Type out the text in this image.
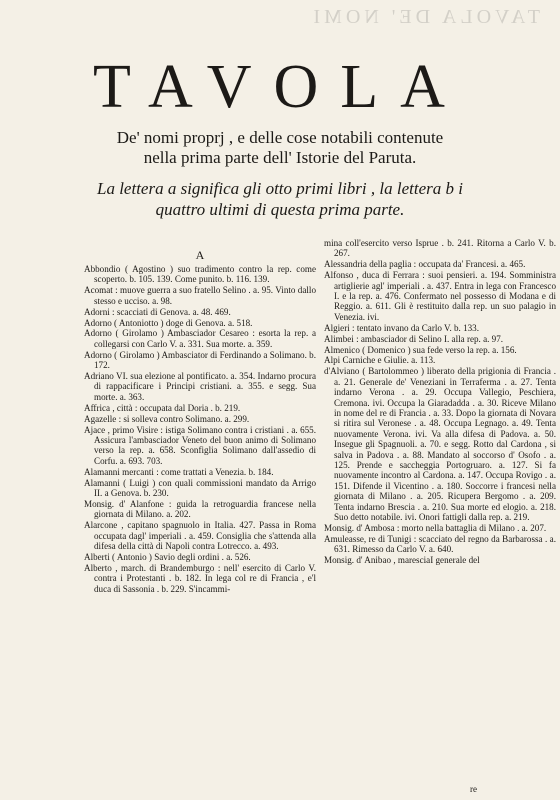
TAVOLA DE' NOMI
TAVOLA
De' nomi proprj , e delle cose notabili contenute
nella prima parte dell' Istorie del Paruta.
La lettera a significa gli otto primi libri , la lettera b i
quattro ultimi di questa prima parte.
A
Abbondio ( Agostino ) suo tradimento contro la rep. come scoperto. b. 105. 139. Come punito. b. 116. 139.
Acomat : muove guerra a suo fratello Selino . a. 95. Vinto dallo stesso e ucciso. a. 98.
Adorni : scacciati di Genova. a. 48. 469.
Adorno ( Antoniotto ) doge di Genova. a. 518.
Adorno ( Girolamo ) Ambasciador Cesareo : esorta la rep. a collegarsi con Carlo V. a. 331. Sua morte. a. 359.
Adorno ( Girolamo ) Ambasciator di Ferdinando a Solimano. b. 172.
Adriano VI. sua elezione al pontificato. a. 354. Indarno procura di rappacificare i Principi cristiani. a. 355. e segg. Sua morte. a. 363.
Affrica , città : occupata dal Doria . b. 219.
Agazelle : si solleva contro Solimano. a. 299.
Ajace , primo Visire : istiga Solimano contra i cristiani . a. 655. Assicura l'ambasciador Veneto del buon animo di Solimano verso la rep. a. 658. Sconfiglia Solimano dall'assedio di Corfu. a. 693. 703.
Alamanni mercanti : come trattati a Venezia. b. 184.
Alamanni ( Luigi ) con quali commissioni mandato da Arrigo II. a Genova. b. 230.
Monsig. d' Alanfone : guida la retroguardia francese nella giornata di Milano. a. 202.
Alarcone , capitano spagnuolo in Italia. 427. Passa in Roma occupata dagl' imperiali . a. 459. Consiglia che s'attenda alla difesa della città di Napoli contra Lotrecco. a. 493.
Alberti ( Antonio ) Savio degli ordini . a. 526.
Alberto , march. di Brandemburgo : nell' esercito di Carlo V. contra i Protestanti . b. 182. In lega col re di Francia , e'l duca di Sassonia . b. 229. S'incammi-
mina coll'esercito verso Isprue . b. 241. Ritorna a Carlo V. b. 267.
Alessandria della paglia : occupata da' Francesi. a. 465.
Alfonso , duca di Ferrara : suoi pensieri. a. 194. Somministra artiglierie agl' imperiali . a. 437. Entra in lega con Francesco I. e la rep. a. 476. Confermato nel possesso di Modana e di Reggio. a. 611. Gli è restituito dalla rep. un suo palagio in Venezia. ivi.
Algieri : tentato invano da Carlo V. b. 133.
Alimbei : ambasciador di Selino I. alla rep. a. 97.
Almenico ( Domenico ) sua fede verso la rep. a. 156.
Alpi Carniche e Giulie. a. 113.
d'Alviano ( Bartolommeo ) liberato della prigionia di Francia . a. 21. Generale de' Veneziani in Terraferma . a. 27. Tenta indarno Verona . a. 29. Occupa Vallegio, Peschiera, Cremona. ivi. Occupa la Giaradadda . a. 30. Riceve Milano in nome del re di Francia . a. 33. Dopo la giornata di Novara si ritira sul Veronese . a. 48. Occupa Legnago. a. 49. Tenta nuovamente Verona. ivi. Va alla difesa di Padova. a. 50. Insegue gli Spagnuoli. a. 70. e segg. Rotto dal Cardona , si salva in Padova . a. 88. Mandato al soccorso d' Osofo . a. 125. Prende e saccheggia Portogruaro. a. 127. Si fa nuovamente incontro al Cardona. a. 147. Occupa Rovigo . a. 151. Difende il Vicentino . a. 180. Soccorre i francesi nella giornata di Milano . a. 205. Ricupera Bergomo . a. 209. Tenta indarno Brescia . a. 210. Sua morte ed elogio. a. 218. Suo detto notabile. ivi. Onori fattigli dalla rep. a. 219.
Monsig. d' Ambosa : morto nella battaglia di Milano . a. 207.
Amuleasse, re di Tunigi : scacciato del regno da Barbarossa . a. 631. Rimesso da Carlo V. a. 640.
Monsig. d' Anibao , maresciaI generale del
re
